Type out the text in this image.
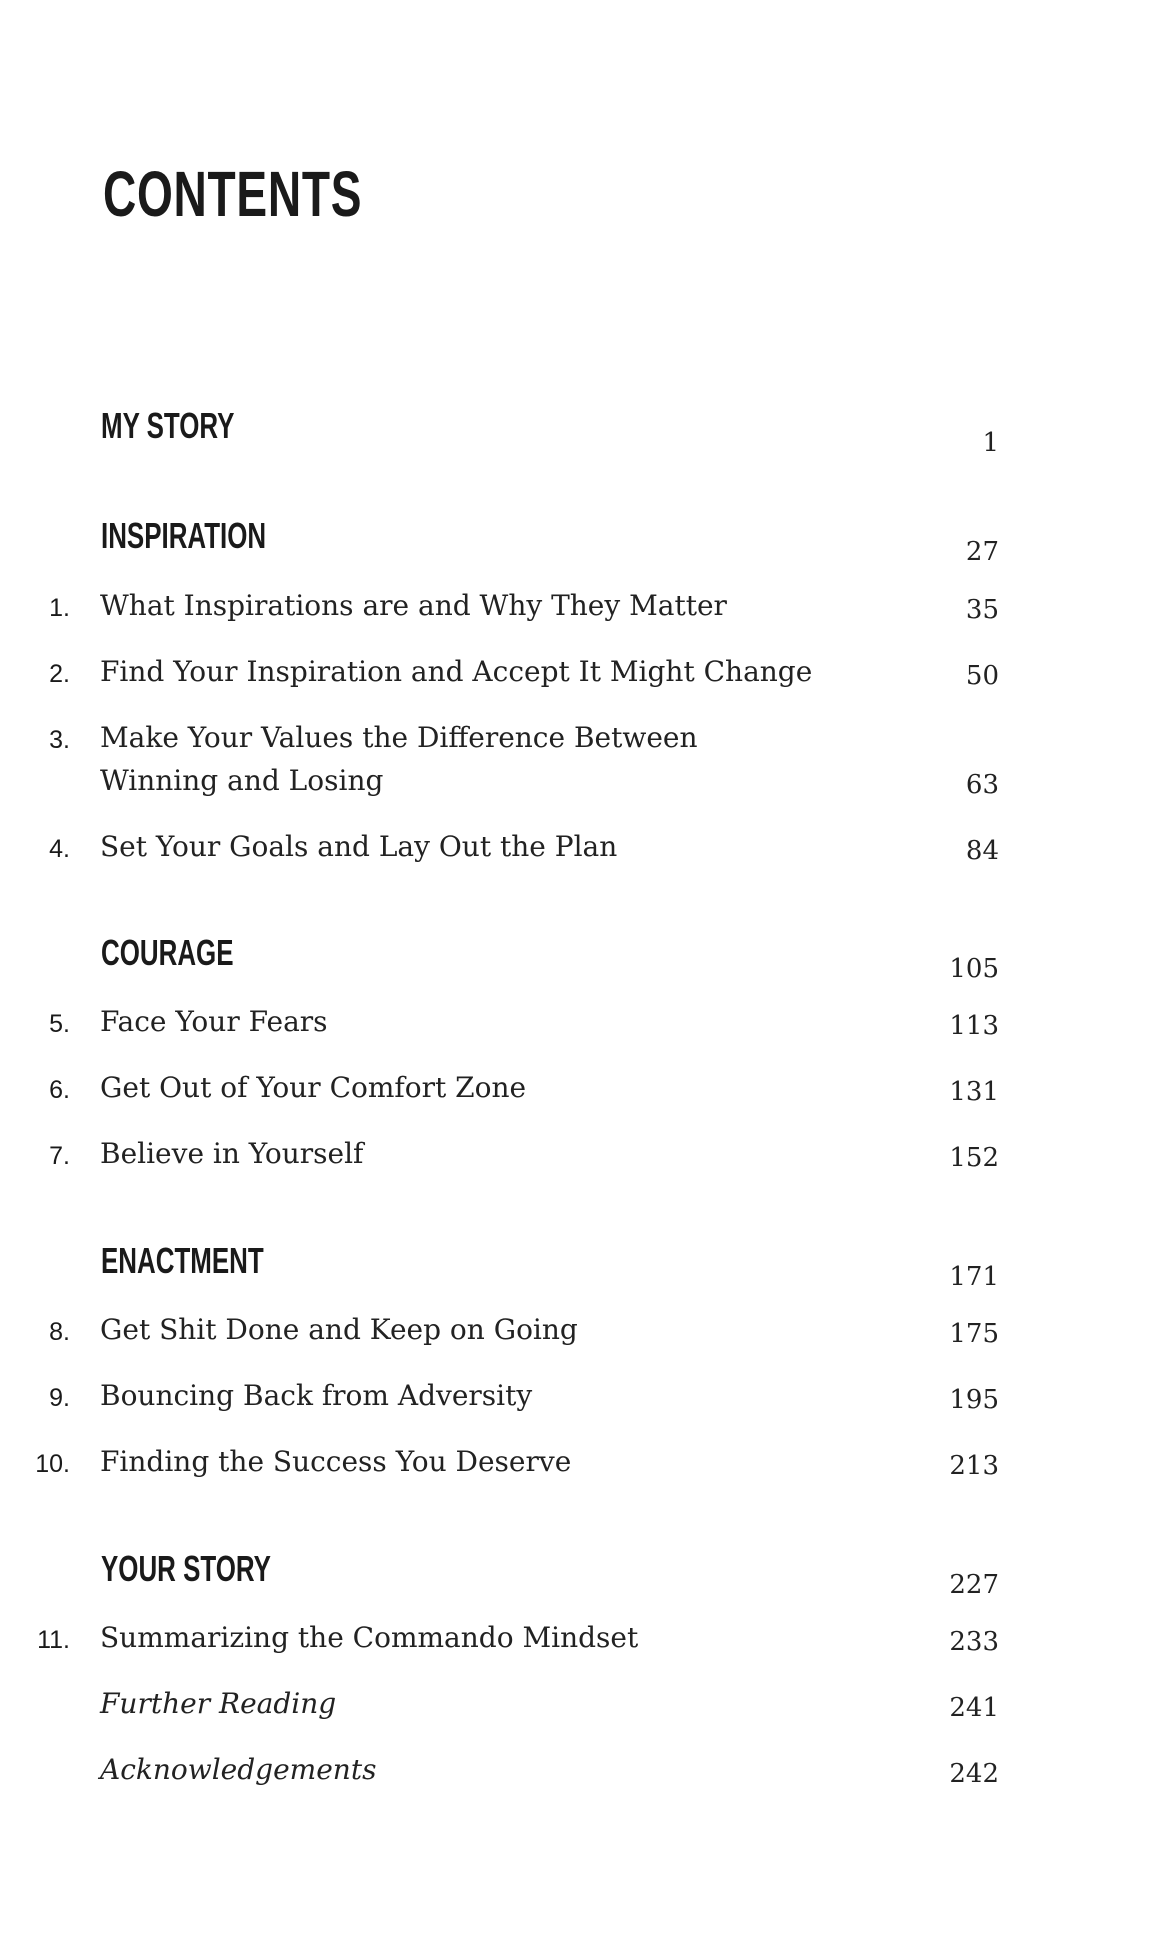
CONTENTS
MY STORY	1
INSPIRATION	27
1. What Inspirations are and Why They Matter	35
2. Find Your Inspiration and Accept It Might Change	50
3. Make Your Values the Difference Between Winning and Losing	63
4. Set Your Goals and Lay Out the Plan	84
COURAGE	105
5. Face Your Fears	113
6. Get Out of Your Comfort Zone	131
7. Believe in Yourself	152
ENACTMENT	171
8. Get Shit Done and Keep on Going	175
9. Bouncing Back from Adversity	195
10. Finding the Success You Deserve	213
YOUR STORY	227
11. Summarizing the Commando Mindset	233
Further Reading	241
Acknowledgements	242
